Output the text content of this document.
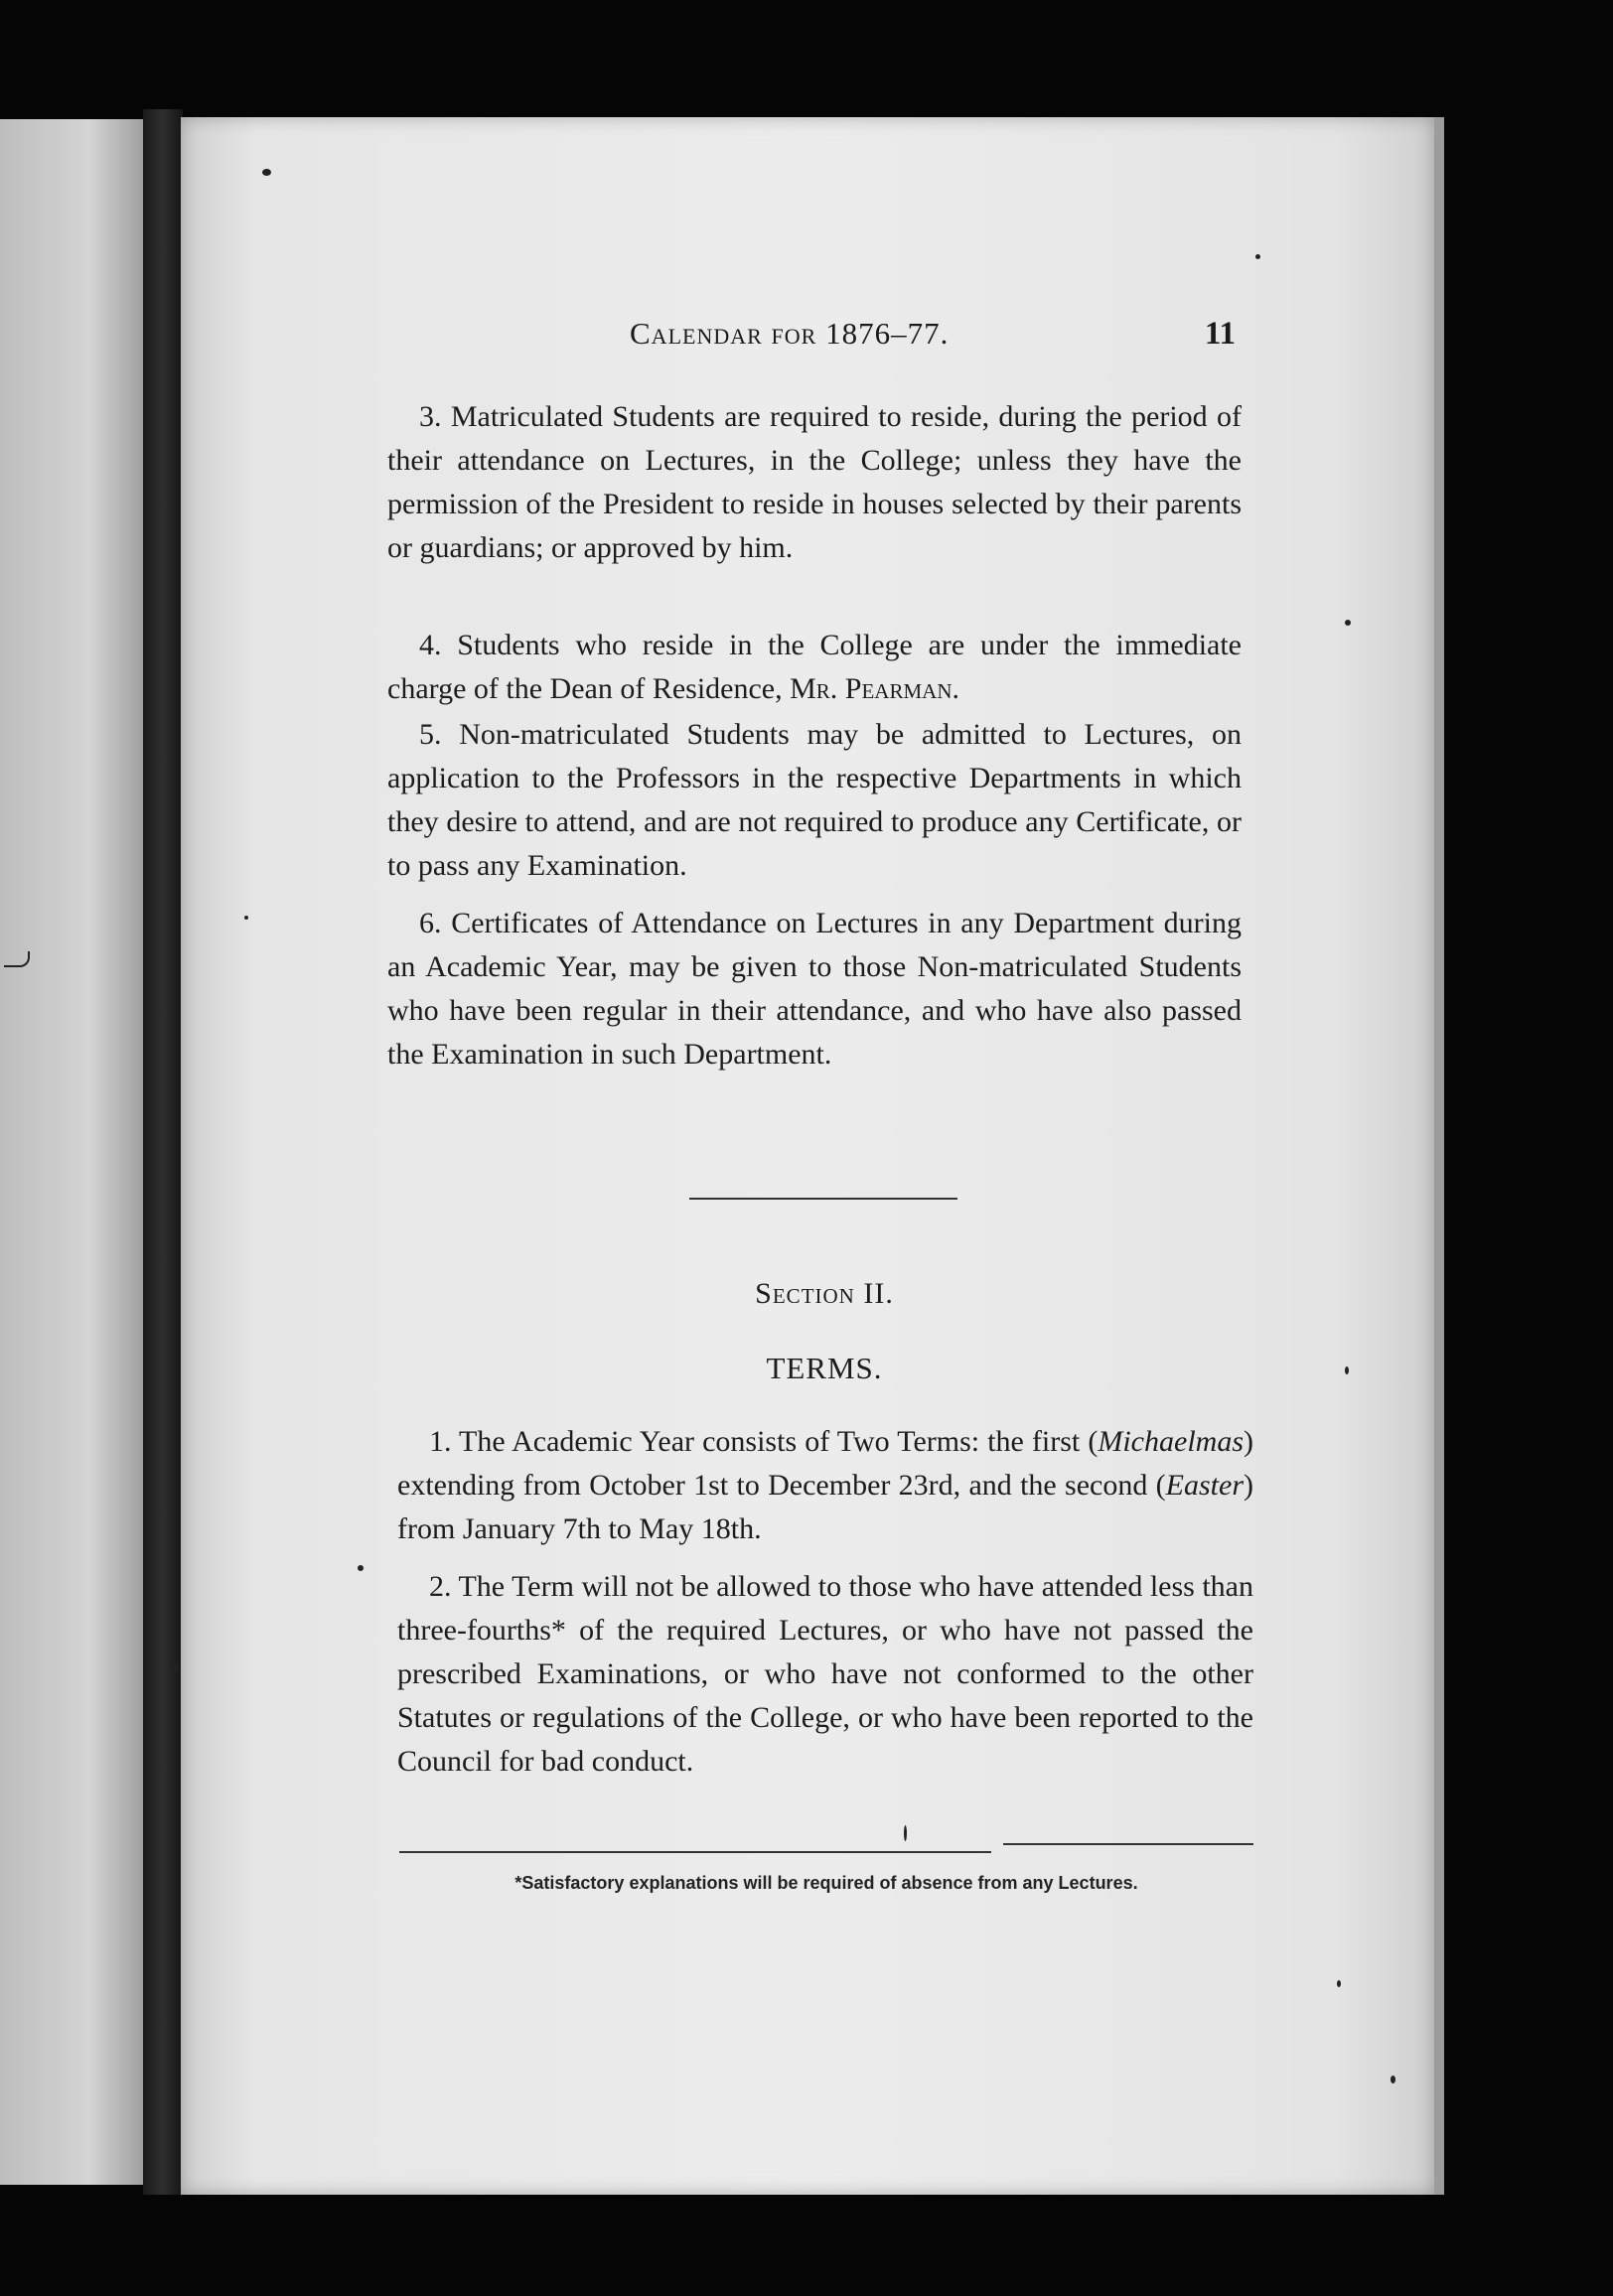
Calendar for 1876–77.	11

3. Matriculated Students are required to reside, during the period of their attendance on Lectures, in the College; unless they have the permission of the President to reside in houses selected by their parents or guardians; or approved by him.

4. Students who reside in the College are under the immediate charge of the Dean of Residence, Mr. Pearman.

5. Non-matriculated Students may be admitted to Lectures, on application to the Professors in the respective Departments in which they desire to attend, and are not required to produce any Certificate, or to pass any Examination.

6. Certificates of Attendance on Lectures in any Department during an Academic Year, may be given to those Non-matriculated Students who have been regular in their attendance, and who have also passed the Examination in such Department.

Section II.
TERMS.

1. The Academic Year consists of Two Terms: the first (Michaelmas) extending from October 1st to December 23rd, and the second (Easter) from January 7th to May 18th.

2. The Term will not be allowed to those who have attended less than three-fourths* of the required Lectures, or who have not passed the prescribed Examinations, or who have not conformed to the other Statutes or regulations of the College, or who have been reported to the Council for bad conduct.

*Satisfactory explanations will be required of absence from any Lectures.
